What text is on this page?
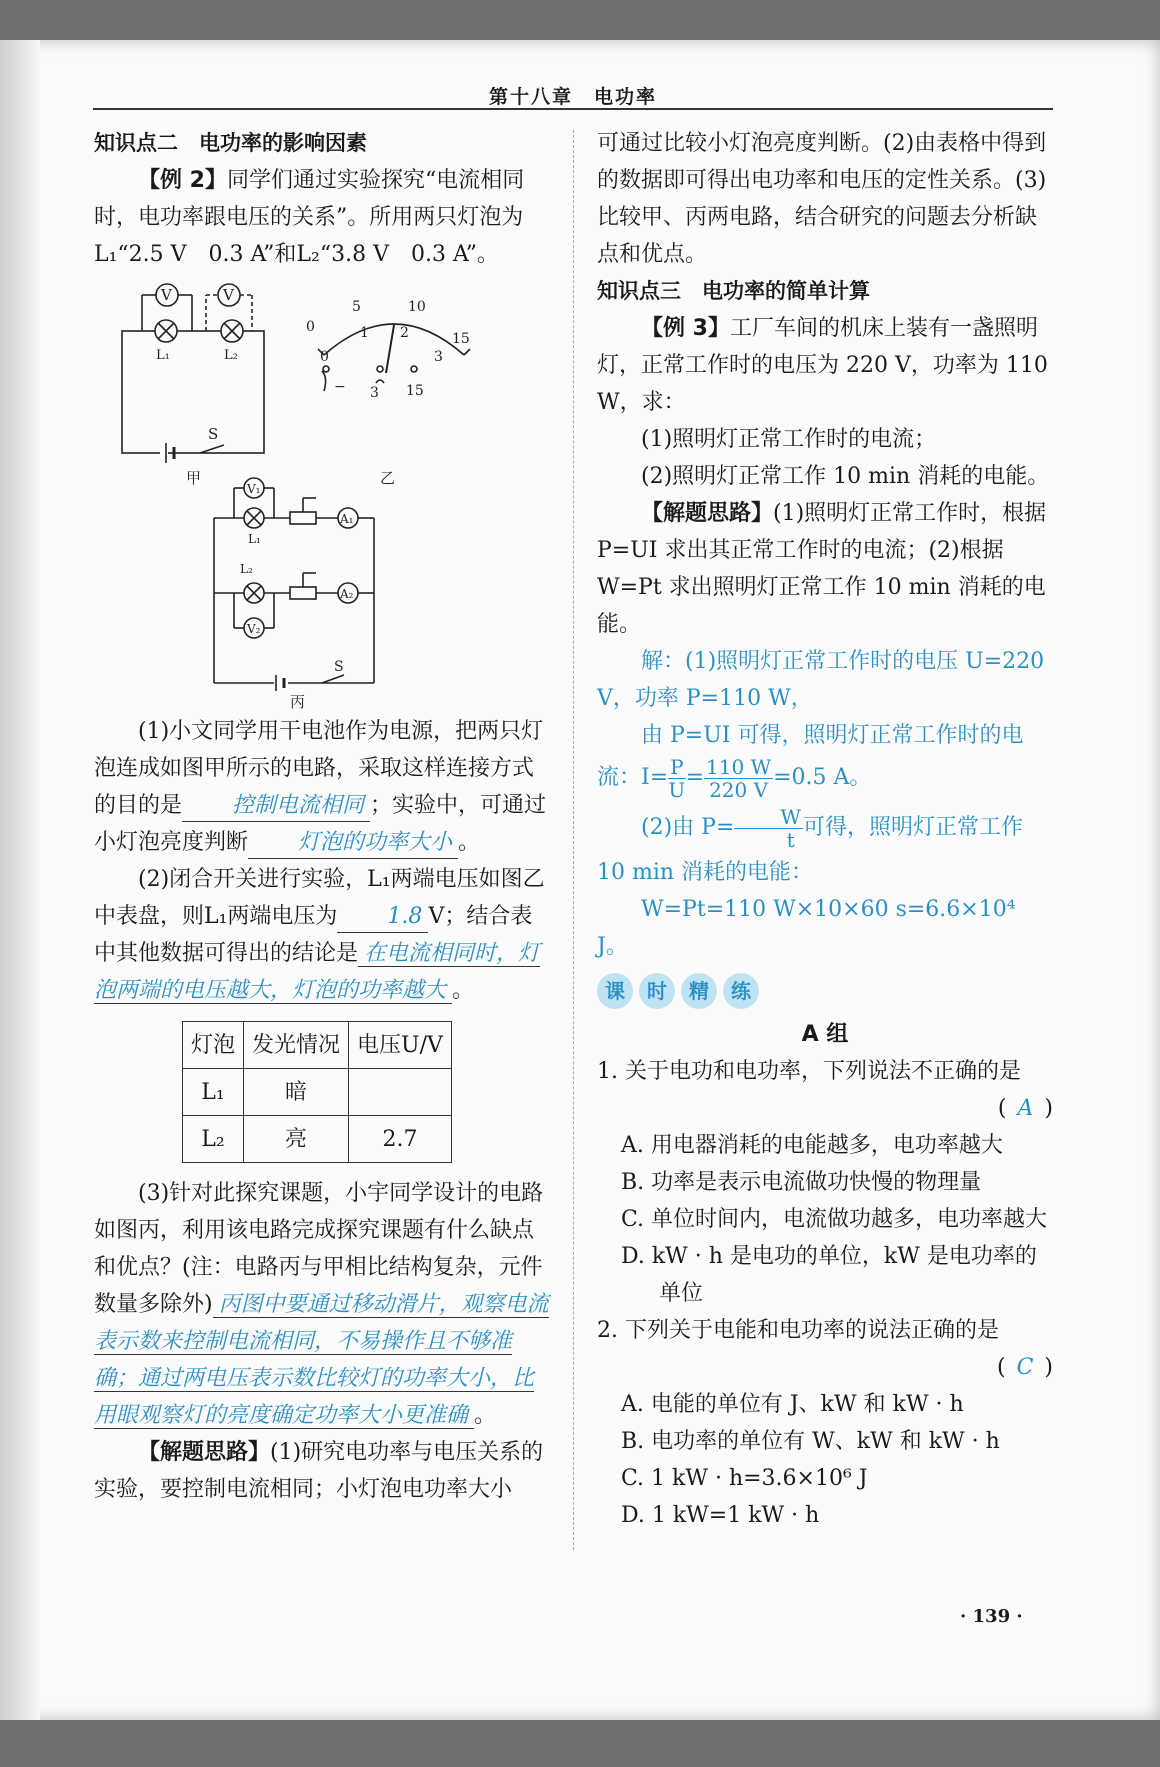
第十八章　电功率

知识点二　电功率的影响因素

【例 2】同学们通过实验探究“电流相同时，电功率跟电压的关系”。所用两只灯泡为L₁“2.5 V　0.3 A”和L₂“3.8 V　0.3 A”。

V	V
L₁	L₂
S
甲
0
5	10
15
0
1 2
3
− 3 15
乙
V₁
A₁
L₁
L₂
A₂
V₂
S
丙

(1)小文同学用干电池作为电源，把两只灯泡连成如图甲所示的电路，采取这样连接方式的目的是 控制电流相同 ；实验中，可通过小灯泡亮度判断 灯泡的功率大小 。

(2)闭合开关进行实验，L₁两端电压如图乙中表盘，则L₁两端电压为 1.8 V；结合表中其他数据可得出的结论是 在电流相同时，灯泡两端的电压越大，灯泡的功率越大 。

灯泡	发光情况	电压U/V
L₁	暗	
L₂	亮	2.7

(3)针对此探究课题，小宇同学设计的电路如图丙，利用该电路完成探究课题有什么缺点和优点？(注：电路丙与甲相比结构复杂，元件数量多除外) 丙图中要通过移动滑片，观察电流表示数来控制电流相同，不易操作且不够准确；通过两电压表示数比较灯的功率大小，比用眼观察灯的亮度确定功率大小更准确 。

【解题思路】(1)研究电功率与电压关系的实验，要控制电流相同；小灯泡电功率大小

可通过比较小灯泡亮度判断。(2)由表格中得到的数据即可得出电功率和电压的定性关系。(3)比较甲、丙两电路，结合研究的问题去分析缺点和优点。

知识点三　电功率的简单计算

【例 3】工厂车间的机床上装有一盏照明灯，正常工作时的电压为 220 V，功率为 110 W，求：

(1)照明灯正常工作时的电流；

(2)照明灯正常工作 10 min 消耗的电能。

【解题思路】(1)照明灯正常工作时，根据 P=UI 求出其正常工作时的电流；(2)根据 W=Pt 求出照明灯正常工作 10 min 消耗的电能。

解：(1)照明灯正常工作时的电压 U=220 V，功率 P=110 W，

由 P=UI 可得，照明灯正常工作时的电

流：$I= \frac{P}{U} = \frac{110 W}{220 V} =0.5$ A。

(2)由 $P= \frac{W}{t}$ 可得，照明灯正常工作

10 min 消耗的电能：

W=Pt=110 W×10×60 s=6.6×10⁴ J。

课 时 精 练

A 组

1. 关于电功和电功率，下列说法不正确的是

(  A  )

A. 用电器消耗的电能越多，电功率越大

B. 功率是表示电流做功快慢的物理量

C. 单位时间内，电流做功越多，电功率越大

D. kW · h 是电功的单位，kW 是电功率的

单位

2. 下列关于电能和电功率的说法正确的是

(  C  )

A. 电能的单位有 J、kW 和 kW · h

B. 电功率的单位有 W、kW 和 kW · h

C. 1 kW · h=3.6×10⁶ J

D. 1 kW=1 kW · h

· 139 ·
